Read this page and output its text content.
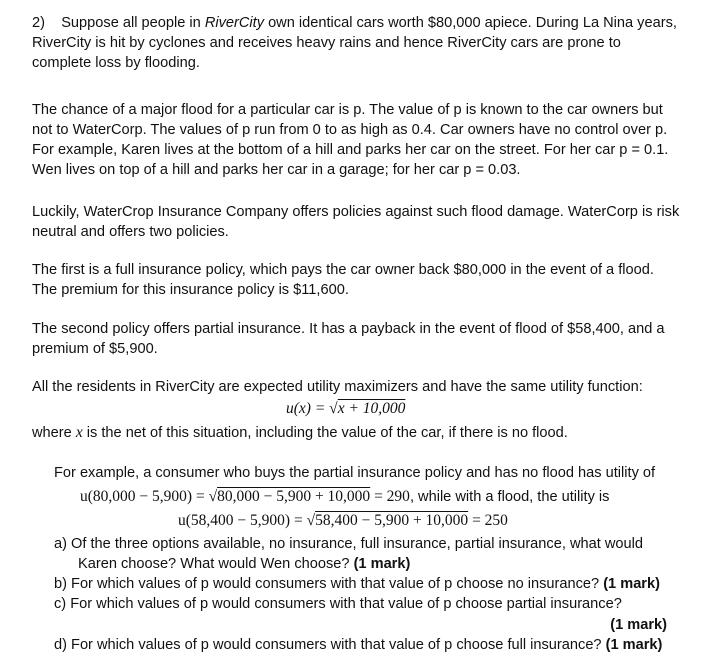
2) Suppose all people in RiverCity own identical cars worth $80,000 apiece. During La Nina years, RiverCity is hit by cyclones and receives heavy rains and hence RiverCity cars are prone to complete loss by flooding.

The chance of a major flood for a particular car is p. The value of p is known to the car owners but not to WaterCorp. The values of p run from 0 to as high as 0.4. Car owners have no control over p. For example, Karen lives at the bottom of a hill and parks her car on the street. For her car p = 0.1. Wen lives on top of a hill and parks her car in a garage; for her car p = 0.03.

Luckily, WaterCrop Insurance Company offers policies against such flood damage. WaterCorp is risk neutral and offers two policies.

The first is a full insurance policy, which pays the car owner back $80,000 in the event of a flood. The premium for this insurance policy is $11,600.

The second policy offers partial insurance. It has a payback in the event of flood of $58,400, and a premium of $5,900.

All the residents in RiverCity are expected utility maximizers and have the same utility function:

u(x) = √x + 10,000
where x is the net of this situation, including the value of the car, if there is no flood.
For example, a consumer who buys the partial insurance policy and has no flood has utility of
u(80,000 − 5,900) = √80,000 − 5,900 + 10,000 = 290, while with a flood, the utility is
u(58,400 − 5,900) = √58,400 − 5,900 + 10,000 = 250
a) Of the three options available, no insurance, full insurance, partial insurance, what would
Karen choose? What would Wen choose? (1 mark)
b) For which values of p would consumers with that value of p choose no insurance? (1 mark)
c) For which values of p would consumers with that value of p choose partial insurance?
(1 mark)
d) For which values of p would consumers with that value of p choose full insurance? (1 mark)
